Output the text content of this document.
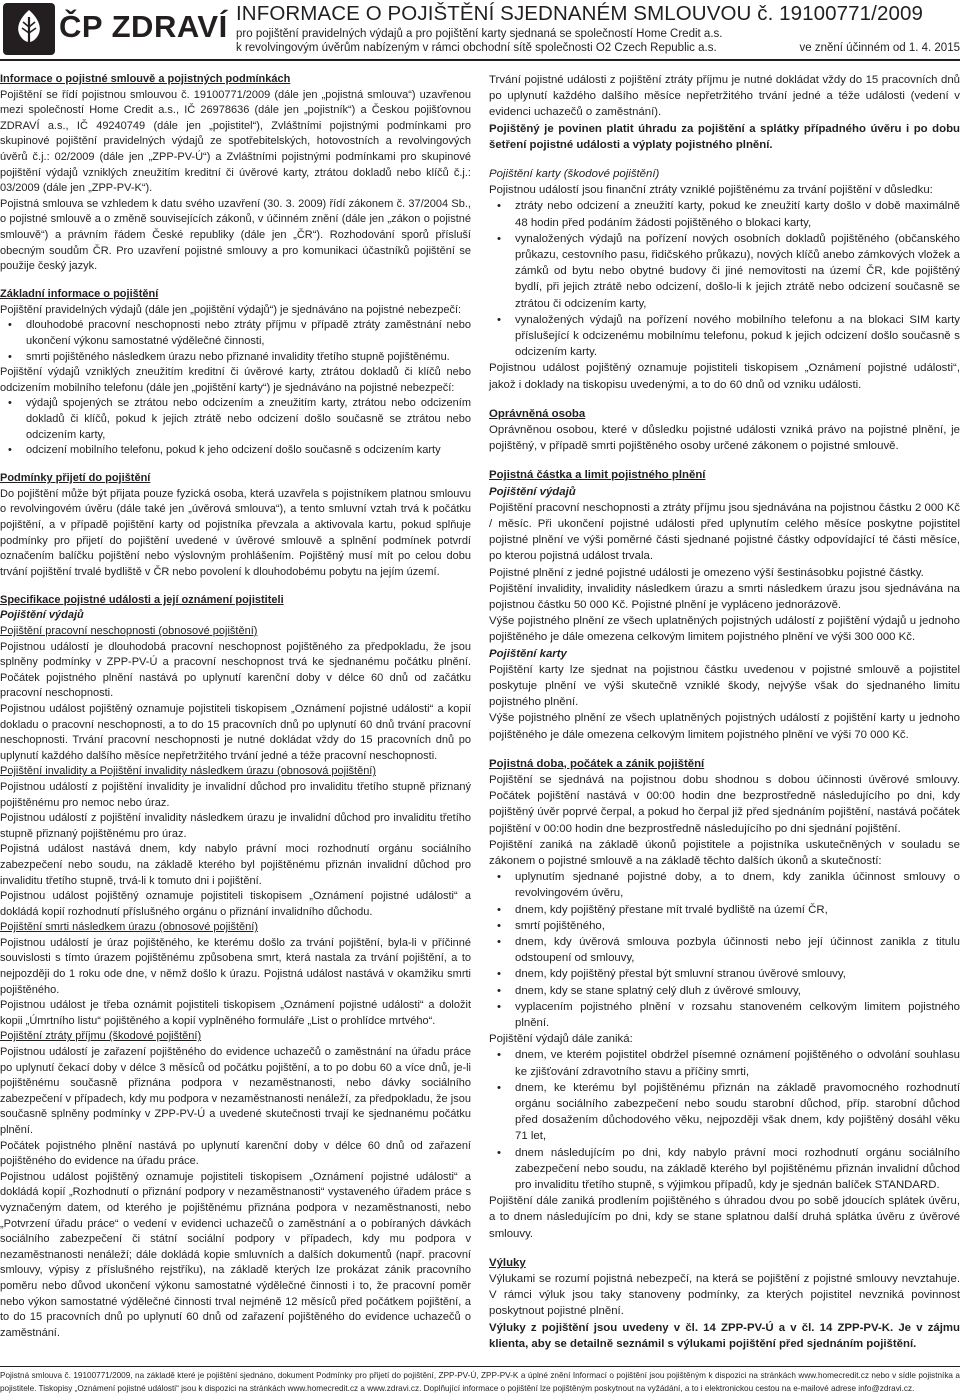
ČP ZDRAVÍ INFORMACE O POJIŠTĚNÍ SJEDNANÉM SMLOUVOU č. 19100771/2009
pro pojištění pravidelných výdajů a pro pojištění karty sjednaná se společností Home Credit a.s.
k revolvingovým úvěrům nabízeným v rámci obchodní sítě společnosti O2 Czech Republic a.s.	ve znění účinném od 1. 4. 2015

Informace o pojistné smlouvě a pojistných podmínkách

Pojištění se řídí pojistnou smlouvou č. 19100771/2009 (dále jen „pojistná smlouva“) uzavřenou mezi společností Home Credit a.s., IČ 26978636 (dále jen „pojistník“) a Českou pojišťovnou ZDRAVÍ a.s., IČ 49240749 (dále jen „pojistitel“), Zvláštními pojistnými podmínkami pro skupinové pojištění pravidelných výdajů ze spotřebitelských, hotovostních a revolvingových úvěrů č.j.: 02/2009 (dále jen „ZPP-PV-Ú“) a Zvláštními pojistnými podmínkami pro skupinové pojištění výdajů vzniklých zneužitím kreditní či úvěrové karty, ztrátou dokladů nebo klíčů č.j.: 03/2009 (dále jen „ZPP-PV-K“).

Pojistná smlouva se vzhledem k datu svého uzavření (30. 3. 2009) řídí zákonem č. 37/2004 Sb., o pojistné smlouvě a o změně souvisejících zákonů, v účinném znění (dále jen „zákon o pojistné smlouvě“) a právním řádem České republiky (dále jen „ČR“). Rozhodování sporů přísluší obecným soudům ČR. Pro uzavření pojistné smlouvy a pro komunikaci účastníků pojištění se použije český jazyk.

Základní informace o pojištění

Pojištění pravidelných výdajů (dále jen „pojištění výdajů“) je sjednáváno na pojistné nebezpečí:

• dlouhodobé pracovní neschopnosti nebo ztráty příjmu v případě ztráty zaměstnání nebo ukončení výkonu samostatné výdělečné činnosti,
• smrti pojištěného následkem úrazu nebo přiznané invalidity třetího stupně pojištěnému.

Pojištění výdajů vzniklých zneužitím kreditní či úvěrové karty, ztrátou dokladů či klíčů nebo odcizením mobilního telefonu (dále jen „pojištění karty“) je sjednáváno na pojistné nebezpečí:

• výdajů spojených se ztrátou nebo odcizením a zneužitím karty, ztrátou nebo odcizením dokladů či klíčů, pokud k jejich ztrátě nebo odcizení došlo současně se ztrátou nebo odcizením karty,
• odcizení mobilního telefonu, pokud k jeho odcizení došlo současně s odcizením karty

Podmínky přijetí do pojištění

Do pojištění může být přijata pouze fyzická osoba, která uzavřela s pojistníkem platnou smlouvu o revolvingovém úvěru (dále také jen „úvěrová smlouva“), a tento smluvní vztah trvá k počátku pojištění, a v případě pojištění karty od pojistníka převzala a aktivovala kartu, pokud splňuje podmínky pro přijetí do pojištění uvedené v úvěrové smlouvě a splnění podmínek potvrdí označením balíčku pojištění nebo výslovným prohlášením. Pojištěný musí mít po celou dobu trvání pojištění trvalé bydliště v ČR nebo povolení k dlouhodobému pobytu na jejím území.

Specifikace pojistné události a její oznámení pojistiteli

Pojištění výdajů

Pojištění pracovní neschopnosti (obnosové pojištění)

Pojistnou událostí je dlouhodobá pracovní neschopnost pojištěného za předpokladu, že jsou splněny podmínky v ZPP-PV-Ú a pracovní neschopnost trvá ke sjednanému počátku plnění. Počátek pojistného plnění nastává po uplynutí karenční doby v délce 60 dnů od začátku pracovní neschopnosti.

Pojistnou událost pojištěný oznamuje pojistiteli tiskopisem „Oznámení pojistné události“ a kopií dokladu o pracovní neschopnosti, a to do 15 pracovních dnů po uplynutí 60 dnů trvání pracovní neschopnosti. Trvání pracovní neschopnosti je nutné dokládat vždy do 15 pracovních dnů po uplynutí každého dalšího měsíce nepřetržitého trvání jedné a téže pracovní neschopnosti.

Pojištění invalidity a Pojištění invalidity následkem úrazu (obnosová pojištění)

Pojistnou událostí z pojištění invalidity je invalidní důchod pro invaliditu třetího stupně přiznaný pojištěnému pro nemoc nebo úraz.

Pojistnou událostí z pojištění invalidity následkem úrazu je invalidní důchod pro invaliditu třetího stupně přiznaný pojištěnému pro úraz.

Pojistná událost nastává dnem, kdy nabylo právní moci rozhodnutí orgánu sociálního zabezpečení nebo soudu, na základě kterého byl pojištěnému přiznán invalidní důchod pro invaliditu třetího stupně, trvá-li k tomuto dni i pojištění.

Pojistnou událost pojištěný oznamuje pojistiteli tiskopisem „Oznámení pojistné události“ a dokládá kopií rozhodnutí příslušného orgánu o přiznání invalidního důchodu.

Pojištění smrti následkem úrazu (obnosové pojištění)

Pojistnou událostí je úraz pojištěného, ke kterému došlo za trvání pojištění, byla-li v příčinné souvislosti s tímto úrazem pojištěnému způsobena smrt, která nastala za trvání pojištění, a to nejpozději do 1 roku ode dne, v němž došlo k úrazu. Pojistná událost nastává v okamžiku smrti pojištěného.

Pojistnou událost je třeba oznámit pojistiteli tiskopisem „Oznámení pojistné události“ a doložit kopii „Úmrtního listu“ pojištěného a kopií vyplněného formuláře „List o prohlídce mrtvého“.

Pojištění ztráty příjmu (škodové pojištění)

Pojistnou událostí je zařazení pojištěného do evidence uchazečů o zaměstnání na úřadu práce po uplynutí čekací doby v délce 3 měsíců od počátku pojištění, a to po dobu 60 a více dnů, je-li pojištěnému současně přiznána podpora v nezaměstnanosti, nebo dávky sociálního zabezpečení v případech, kdy mu podpora v nezaměstnanosti nenáleží, za předpokladu, že jsou současně splněny podmínky v ZPP-PV-Ú a uvedené skutečnosti trvají ke sjednanému počátku plnění.

Počátek pojistného plnění nastává po uplynutí karenční doby v délce 60 dnů od zařazení pojištěného do evidence na úřadu práce.

Pojistnou událost pojištěný oznamuje pojistiteli tiskopisem „Oznámení pojistné události“ a dokládá kopií „Rozhodnutí o přiznání podpory v nezaměstnanosti“ vystaveného úřadem práce s vyznačeným datem, od kterého je pojištěnému přiznána podpora v nezaměstnanosti, nebo „Potvrzení úřadu práce“ o vedení v evidenci uchazečů o zaměstnání a o pobíraných dávkách sociálního zabezpečení či státní sociální podpory v případech, kdy mu podpora v nezaměstnanosti nenáleží; dále dokládá kopie smluvních a dalších dokumentů (např. pracovní smlouvy, výpisy z příslušného rejstříku), na základě kterých lze prokázat zánik pracovního poměru nebo důvod ukončení výkonu samostatné výdělečné činnosti i to, že pracovní poměr nebo výkon samostatné výdělečné činnosti trval nejméně 12 měsíců před počátkem pojištění, a to do 15 pracovních dnů po uplynutí 60 dnů od zařazení pojištěného do evidence uchazečů o zaměstnání.

Trvání pojistné události z pojištění ztráty příjmu je nutné dokládat vždy do 15 pracovních dnů po uplynutí každého dalšího měsíce nepřetržitého trvání jedné a téže události (vedení v evidenci uchazečů o zaměstnání).

Pojištěný je povinen platit úhradu za pojištění a splátky případného úvěru i po dobu šetření pojistné události a výplaty pojistného plnění.

Pojištění karty (škodové pojištění)

Pojistnou událostí jsou finanční ztráty vzniklé pojištěnému za trvání pojištění v důsledku:

• ztráty nebo odcizení a zneužití karty, pokud ke zneužití karty došlo v době maximálně 48 hodin před podáním žádosti pojištěného o blokaci karty,
• vynaložených výdajů na pořízení nových osobních dokladů pojištěného (občanského průkazu, cestovního pasu, řidičského průkazu), nových klíčů anebo zámkových vložek a zámků od bytu nebo obytné budovy či jiné nemovitosti na území ČR, kde pojištěný bydlí, při jejich ztrátě nebo odcizení, došlo-li k jejich ztrátě nebo odcizení současně se ztrátou či odcizením karty,
• vynaložených výdajů na pořízení nového mobilního telefonu a na blokaci SIM karty příslušející k odcizenému mobilnímu telefonu, pokud k jejich odcizení došlo současně s odcizením karty.

Pojistnou událost pojištěný oznamuje pojistiteli tiskopisem „Oznámení pojistné události“, jakož i doklady na tiskopisu uvedenými, a to do 60 dnů od vzniku události.

Oprávněná osoba

Oprávněnou osobou, které v důsledku pojistné události vzniká právo na pojistné plnění, je pojištěný, v případě smrti pojištěného osoby určené zákonem o pojistné smlouvě.

Pojistná částka a limit pojistného plnění

Pojištění výdajů

Pojištění pracovní neschopnosti a ztráty příjmu jsou sjednávána na pojistnou částku 2 000 Kč / měsíc. Při ukončení pojistné události před uplynutím celého měsíce poskytne pojistitel pojistné plnění ve výši poměrné části sjednané pojistné částky odpovídající té části měsíce, po kterou pojistná událost trvala.

Pojistné plnění z jedné pojistné události je omezeno výší šestinásobku pojistné částky.

Pojištění invalidity, invalidity následkem úrazu a smrti následkem úrazu jsou sjednávána na pojistnou částku 50 000 Kč. Pojistné plnění je vypláceno jednorázově.

Výše pojistného plnění ze všech uplatněných pojistných událostí z pojištění výdajů u jednoho pojištěného je dále omezena celkovým limitem pojistného plnění ve výši 300 000 Kč.

Pojištění karty

Pojištění karty lze sjednat na pojistnou částku uvedenou v pojistné smlouvě a pojistitel poskytuje plnění ve výši skutečně vzniklé škody, nejvýše však do sjednaného limitu pojistného plnění.

Výše pojistného plnění ze všech uplatněných pojistných událostí z pojištění karty u jednoho pojištěného je dále omezena celkovým limitem pojistného plnění ve výši 70 000 Kč.

Pojistná doba, počátek a zánik pojištění

Pojištění se sjednává na pojistnou dobu shodnou s dobou účinnosti úvěrové smlouvy. Počátek pojištění nastává v 00:00 hodin dne bezprostředně následujícího po dni, kdy pojištěný úvěr poprvé čerpal, a pokud ho čerpal již před sjednáním pojištění, nastává počátek pojištění v 00:00 hodin dne bezprostředně následujícího po dni sjednání pojištění.

Pojištění zaniká na základě úkonů pojistitele a pojistníka uskutečněných v souladu se zákonem o pojistné smlouvě a na základě těchto dalších úkonů a skutečností:

• uplynutím sjednané pojistné doby, a to dnem, kdy zanikla účinnost smlouvy o revolvingovém úvěru,
• dnem, kdy pojištěný přestane mít trvalé bydliště na území ČR,
• smrtí pojištěného,
• dnem, kdy úvěrová smlouva pozbyla účinnosti nebo její účinnost zanikla z titulu odstoupení od smlouvy,
• dnem, kdy pojištěný přestal být smluvní stranou úvěrové smlouvy,
• dnem, kdy se stane splatný celý dluh z úvěrové smlouvy,
• vyplacením pojistného plnění v rozsahu stanoveném celkovým limitem pojistného plnění.

Pojištění výdajů dále zaniká:

• dnem, ve kterém pojistitel obdržel písemné oznámení pojištěného o odvolání souhlasu ke zjišťování zdravotního stavu a příčiny smrti,
• dnem, ke kterému byl pojištěnému přiznán na základě pravomocného rozhodnutí orgánu sociálního zabezpečení nebo soudu starobní důchod, příp. starobní důchod před dosažením důchodového věku, nejpozději však dnem, kdy pojištěný dosáhl věku 71 let,
• dnem následujícím po dni, kdy nabylo právní moci rozhodnutí orgánu sociálního zabezpečení nebo soudu, na základě kterého byl pojištěnému přiznán invalidní důchod pro invaliditu třetího stupně, s výjimkou případů, kdy je sjednán balíček STANDARD.

Pojištění dále zaniká prodlením pojištěného s úhradou dvou po sobě jdoucích splátek úvěru, a to dnem následujícím po dni, kdy se stane splatnou další druhá splátka úvěru z úvěrové smlouvy.

Výluky

Výlukami se rozumí pojistná nebezpečí, na která se pojištění z pojistné smlouvy nevztahuje. V rámci výluk jsou taky stanoveny podmínky, za kterých pojistitel nevzniká povinnost poskytnout pojistné plnění.

Výluky z pojištění jsou uvedeny v čl. 14 ZPP-PV-Ú a v čl. 14 ZPP-PV-K. Je v zájmu klienta, aby se detailně seznámil s výlukami pojištění před sjednáním pojištění.

Pojistná smlouva č. 19100771/2009, na základě které je pojištění sjednáno, dokument Podmínky pro přijetí do pojištění, ZPP-PV-Ú, ZPP-PV-K a úplné znění Informací o pojištění jsou pojištěným k dispozici na stránkách www.homecredit.cz nebo v sídle pojistníka a pojistitele. Tiskopisy „Oznámení pojistné události“ jsou k dispozici na stránkách www.homecredit.cz a www.zdravi.cz. Doplňující informace o pojištění lze pojištěným poskytnout na vyžádání, a to i elektronickou cestou na e-mailové adrese info@zdravi.cz.
